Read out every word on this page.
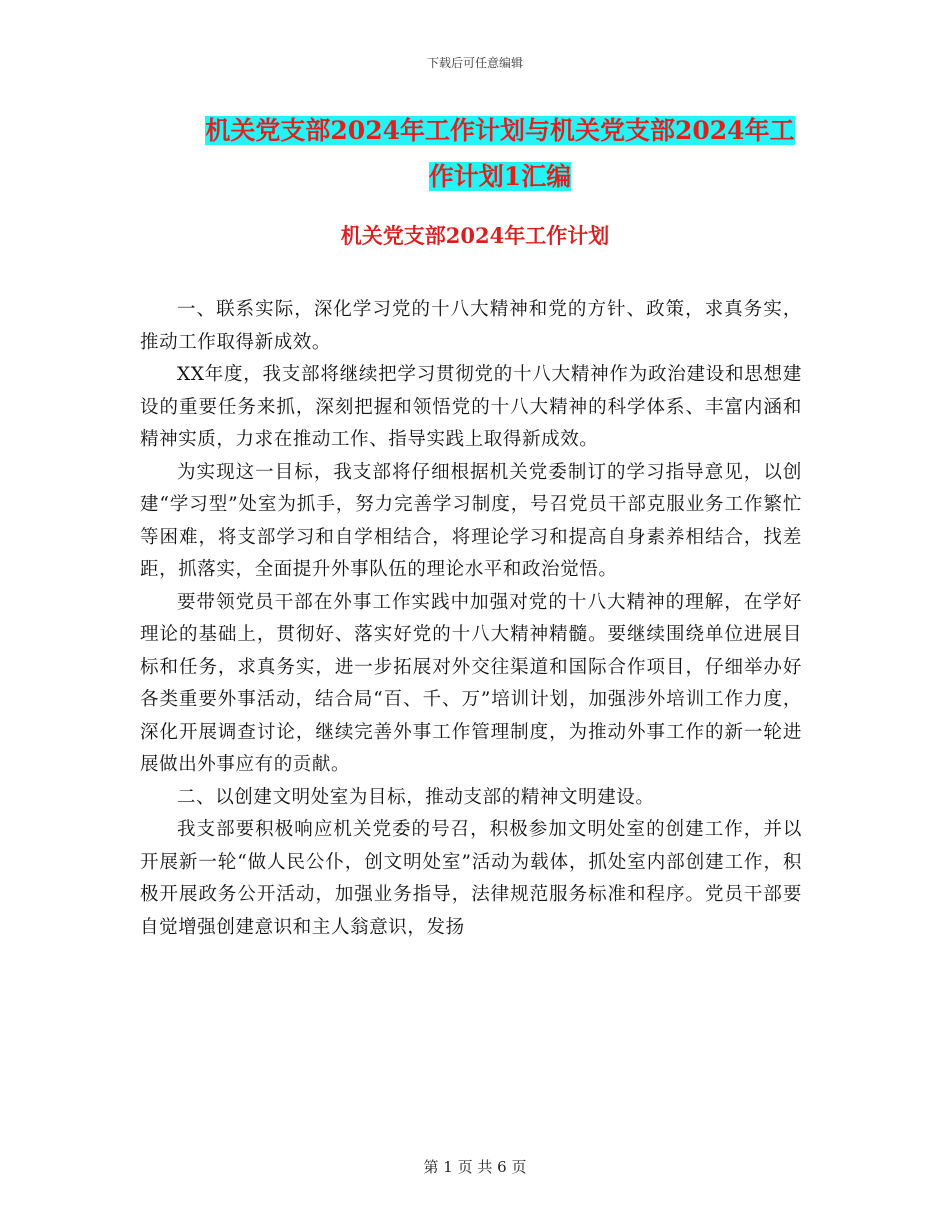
下载后可任意编辑
机关党支部2024年工作计划与机关党支部2024年工
作计划1汇编
机关党支部2024年工作计划

一、联系实际，深化学习党的十八大精神和党的方针、政策，求真务实，推动工作取得新成效。

XX年度，我支部将继续把学习贯彻党的十八大精神作为政治建设和思想建设的重要任务来抓，深刻把握和领悟党的十八大精神的科学体系、丰富内涵和精神实质，力求在推动工作、指导实践上取得新成效。

为实现这一目标，我支部将仔细根据机关党委制订的学习指导意见，以创建“学习型”处室为抓手，努力完善学习制度，号召党员干部克服业务工作繁忙等困难，将支部学习和自学相结合，将理论学习和提高自身素养相结合，找差距，抓落实，全面提升外事队伍的理论水平和政治觉悟。

要带领党员干部在外事工作实践中加强对党的十八大精神的理解，在学好理论的基础上，贯彻好、落实好党的十八大精神精髓。要继续围绕单位进展目标和任务，求真务实，进一步拓展对外交往渠道和国际合作项目，仔细举办好各类重要外事活动，结合局“百、千、万”培训计划，加强涉外培训工作力度，深化开展调查讨论，继续完善外事工作管理制度，为推动外事工作的新一轮进展做出外事应有的贡献。

二、以创建文明处室为目标，推动支部的精神文明建设。

我支部要积极响应机关党委的号召，积极参加文明处室的创建工作，并以开展新一轮“做人民公仆，创文明处室”活动为载体，抓处室内部创建工作，积极开展政务公开活动，加强业务指导，法律规范服务标准和程序。党员干部要自觉增强创建意识和主人翁意识，发扬

第 1 页 共 6 页
